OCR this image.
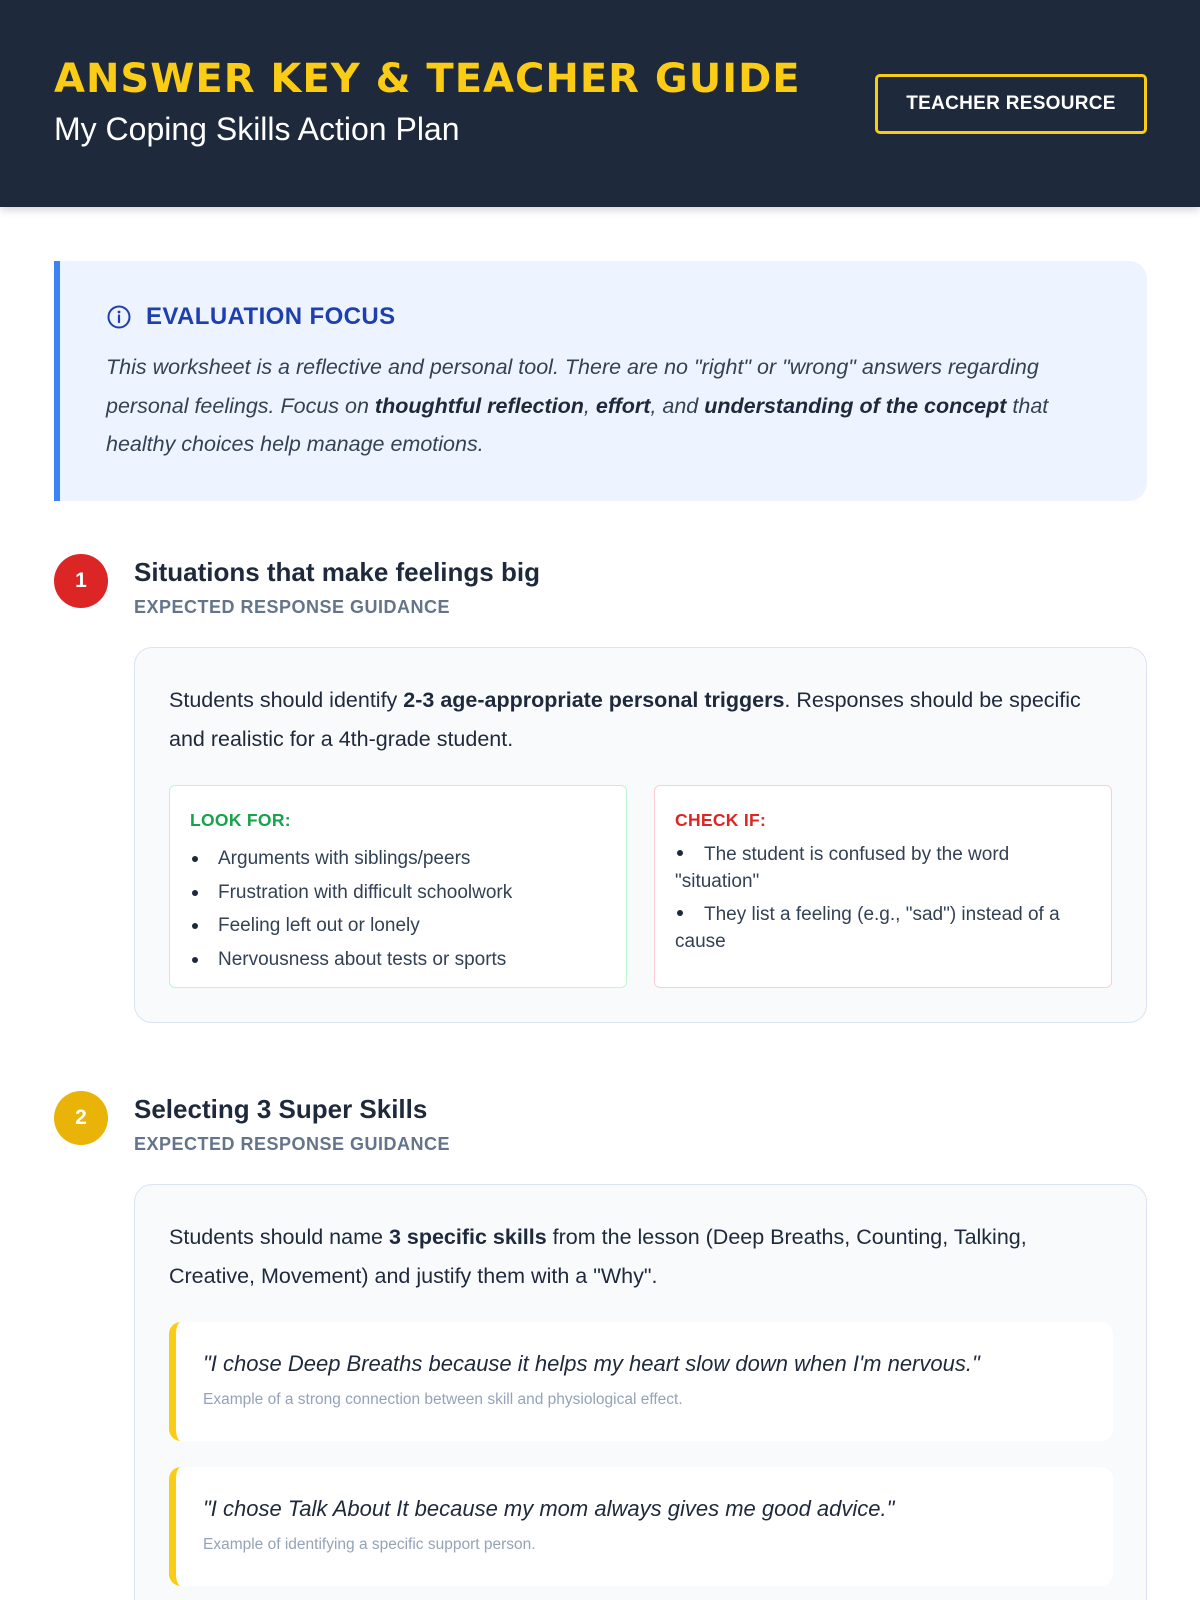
ANSWER KEY & TEACHER GUIDE
My Coping Skills Action Plan
TEACHER RESOURCE
EVALUATION FOCUS

This worksheet is a reflective and personal tool. There are no "right" or "wrong" answers regarding personal feelings. Focus on thoughtful reflection, effort, and understanding of the concept that healthy choices help manage emotions.

1	Situations that make feelings big
EXPECTED RESPONSE GUIDANCE

Students should identify 2-3 age-appropriate personal triggers. Responses should be specific and realistic for a 4th-grade student.

LOOK FOR:
Arguments with siblings/peers
Frustration with difficult schoolwork
Feeling left out or lonely
Nervousness about tests or sports
CHECK IF:
The student is confused by the word "situation"
They list a feeling (e.g., "sad") instead of a cause
2	Selecting 3 Super Skills
EXPECTED RESPONSE GUIDANCE

Students should name 3 specific skills from the lesson (Deep Breaths, Counting, Talking, Creative, Movement) and justify them with a "Why".

"I chose Deep Breaths because it helps my heart slow down when I'm nervous."
Example of a strong connection between skill and physiological effect.
"I chose Talk About It because my mom always gives me good advice."
Example of identifying a specific support person.
